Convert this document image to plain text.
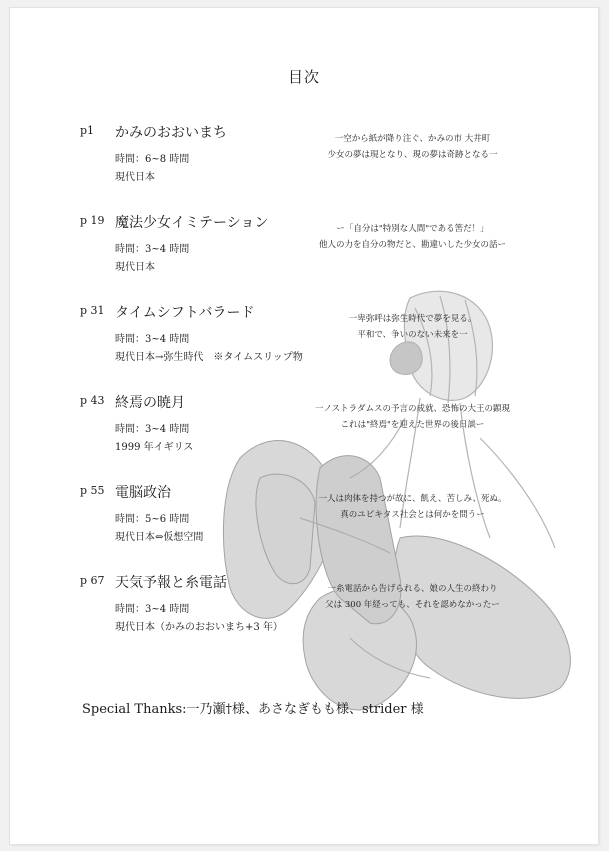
目次
p1 かみのおおいまち
時間：6~8 時間
現代日本
一空から紙が降り注ぐ、かみの市 大井町
少女の夢は現となり、現の夢は奇跡となる一
p 19 魔法少女イミテーション
時間：3~4 時間
現代日本
ー「自分は"特別な人間"である筈だ！」
他人の力を自分の物だと、勘違いした少女の話ー
p 31 タイムシフトバラード
時間：3~4 時間
現代日本→弥生時代　※タイムスリップ物
一卑弥呼は弥生時代で夢を見る。
平和で、争いのない未来を一
p 43 終焉の暁月
時間：3~4 時間
1999 年イギリス
一ノストラダムスの予言の成就、恐怖の大王の顕現
これは"終焉"を迎えた世界の後日談ー
p 55 電脳政治
時間：5~6 時間
現代日本⇔仮想空間
一人は肉体を持つが故に、飢え、苦しみ、死ぬ。
真のユビキタス社会とは何かを問うー
p 67 天気予報と糸電話
時間：3~4 時間
現代日本（かみのおおいまち+3 年）
一糸電話から告げられる、娘の人生の終わり
父は 300 年経っても、それを認めなかったー
Special Thanks:一乃瀬†様、あさなぎもも様、strider 様
